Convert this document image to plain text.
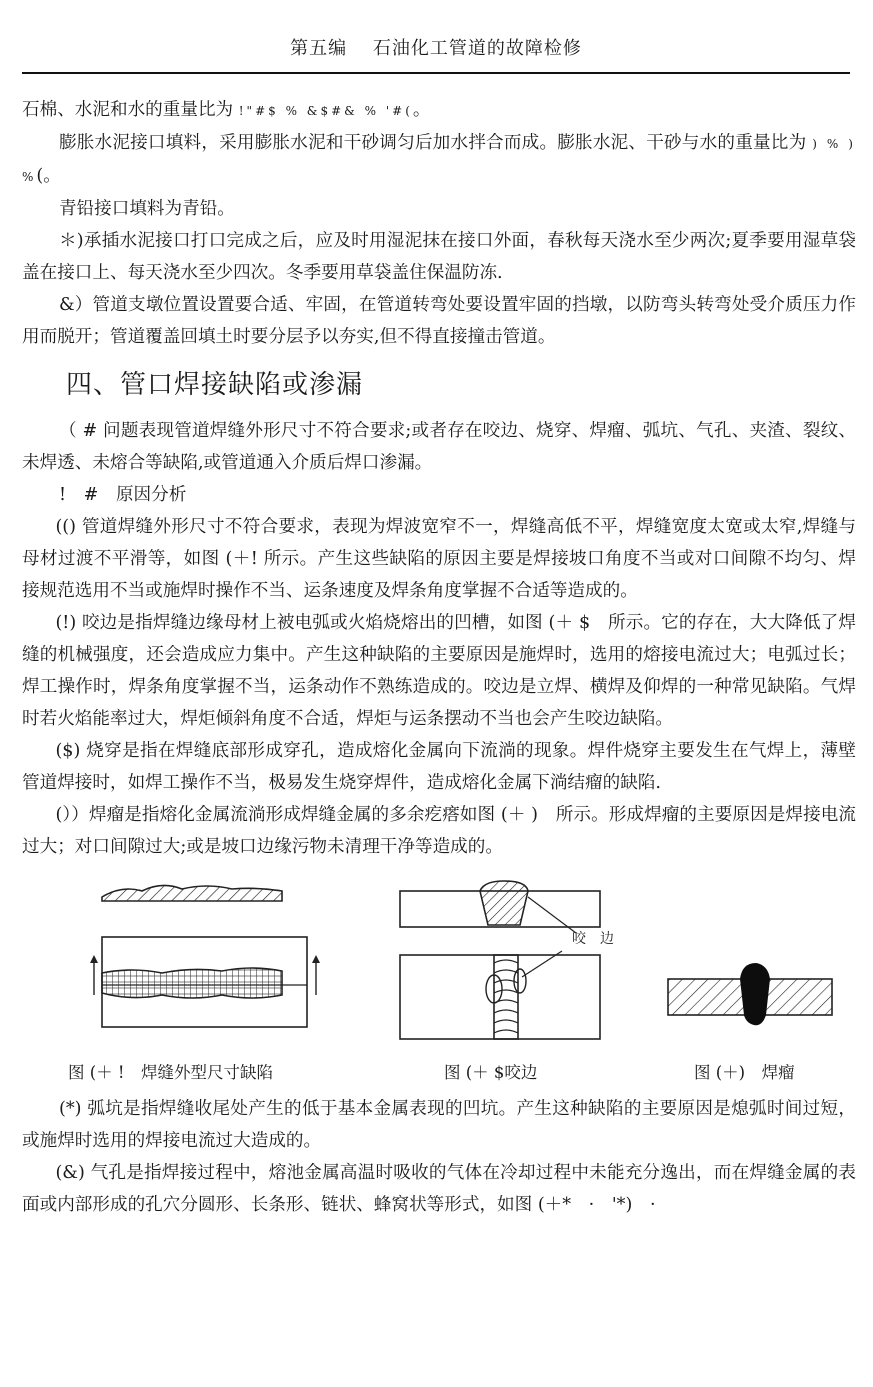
第五编　 石油化工管道的故障检修

石棉、水泥和水的重量比为 !"#$ % &$#& % '#(。

膨胀水泥接口填料，采用膨胀水泥和干砂调匀后加水拌合而成。膨胀水泥、干砂与水的重量比为 ) % ) %(。

青铅接口填料为青铅。

＊)承插水泥接口打口完成之后，应及时用湿泥抹在接口外面，春秋每天浇水至少两次;夏季要用湿草袋盖在接口上、每天浇水至少四次。冬季要用草袋盖住保温防冻.

&）管道支墩位置设置要合适、牢固，在管道转弯处要设置牢固的挡墩，以防弯头转弯处受介质压力作用而脱开；管道覆盖回填土时要分层予以夯实,但不得直接撞击管道。

四、管口焊接缺陷或渗漏

（ # 问题表现管道焊缝外形尺寸不符合要求;或者存在咬边、烧穿、焊瘤、弧坑、气孔、夹渣、裂纹、未焊透、未熔合等缺陷,或管道通入介质后焊口渗漏。

!　#　原因分析

(() 管道焊缝外形尺寸不符合要求，表现为焊波宽窄不一，焊缝高低不平，焊缝宽度太宽或太窄,焊缝与母材过渡不平滑等，如图 (＋! 所示。产生这些缺陷的原因主要是焊接坡口角度不当或对口间隙不均匀、焊接规范选用不当或施焊时操作不当、运条速度及焊条角度掌握不合适等造成的。

(!) 咬边是指焊缝边缘母材上被电弧或火焰烧熔出的凹槽，如图 (＋ $　所示。它的存在，大大降低了焊缝的机械强度，还会造成应力集中。产生这种缺陷的主要原因是施焊时，选用的熔接电流过大；电弧过长；焊工操作时，焊条角度掌握不当，运条动作不熟练造成的。咬边是立焊、横焊及仰焊的一种常见缺陷。气焊时若火焰能率过大，焊炬倾斜角度不合适，焊炬与运条摆动不当也会产生咬边缺陷。

($) 烧穿是指在焊缝底部形成穿孔，造成熔化金属向下流淌的现象。焊件烧穿主要发生在气焊上，薄壁管道焊接时，如焊工操作不当，极易发生烧穿焊件，造成熔化金属下淌结瘤的缺陷.

(））焊瘤是指熔化金属流淌形成焊缝金属的多余疙瘩如图 (＋ )　所示。形成焊瘤的主要原因是焊接电流过大；对口间隙过大;或是坡口边缘污物未清理干净等造成的。

图 (＋ !　焊缝外型尺寸缺陷
咬　边
图 (＋ $咬边	图 (＋)　焊瘤

(*) 弧坑是指焊缝收尾处产生的低于基本金属表现的凹坑。产生这种缺陷的主要原因是熄弧时间过短，或施焊时选用的焊接电流过大造成的。

(&) 气孔是指焊接过程中，熔池金属高温时吸收的气体在冷却过程中未能充分逸出，而在焊缝金属的表面或内部形成的孔穴分圆形、长条形、链状、蜂窝状等形式，如图 (＋*　·　'*)　·
